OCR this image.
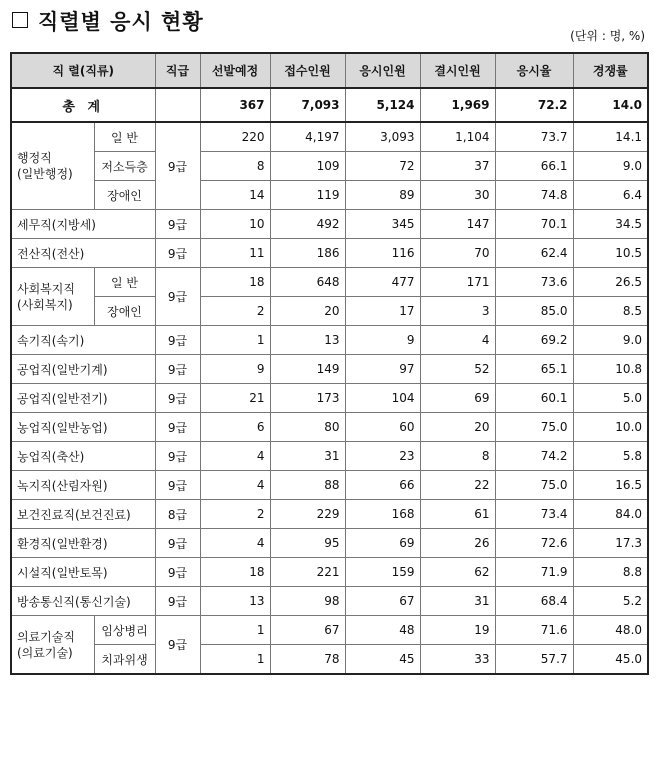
직렬별 응시 현황
(단위 : 명, %)
직 렬(직류)		직급	선발예정	접수인원	응시인원	결시인원	응시율	경쟁률
총 계			367	7,093	5,124	1,969	72.2	14.0
행정직
(일반행정)	일 반	9급	220	4,197	3,093	1,104	73.7	14.1
	저소득층		8	109	72	37	66.1	9.0
	장애인		14	119	89	30	74.8	6.4
세무직(지방세)		9급	10	492	345	147	70.1	34.5
전산직(전산)		9급	11	186	116	70	62.4	10.5
사회복지직
(사회복지)	일 반	9급	18	648	477	171	73.6	26.5
	장애인		2	20	17	3	85.0	8.5
속기직(속기)		9급	1	13	9	4	69.2	9.0
공업직(일반기계)		9급	9	149	97	52	65.1	10.8
공업직(일반전기)		9급	21	173	104	69	60.1	5.0
농업직(일반농업)		9급	6	80	60	20	75.0	10.0
농업직(축산)		9급	4	31	23	8	74.2	5.8
녹지직(산림자원)		9급	4	88	66	22	75.0	16.5
보건진료직(보건진료)		8급	2	229	168	61	73.4	84.0
환경직(일반환경)		9급	4	95	69	26	72.6	17.3
시설직(일반토목)		9급	18	221	159	62	71.9	8.8
방송통신직(통신기술)		9급	13	98	67	31	68.4	5.2
의료기술직
(의료기술)	임상병리	9급	1	67	48	19	71.6	48.0
	치과위생		1	78	45	33	57.7	45.0
